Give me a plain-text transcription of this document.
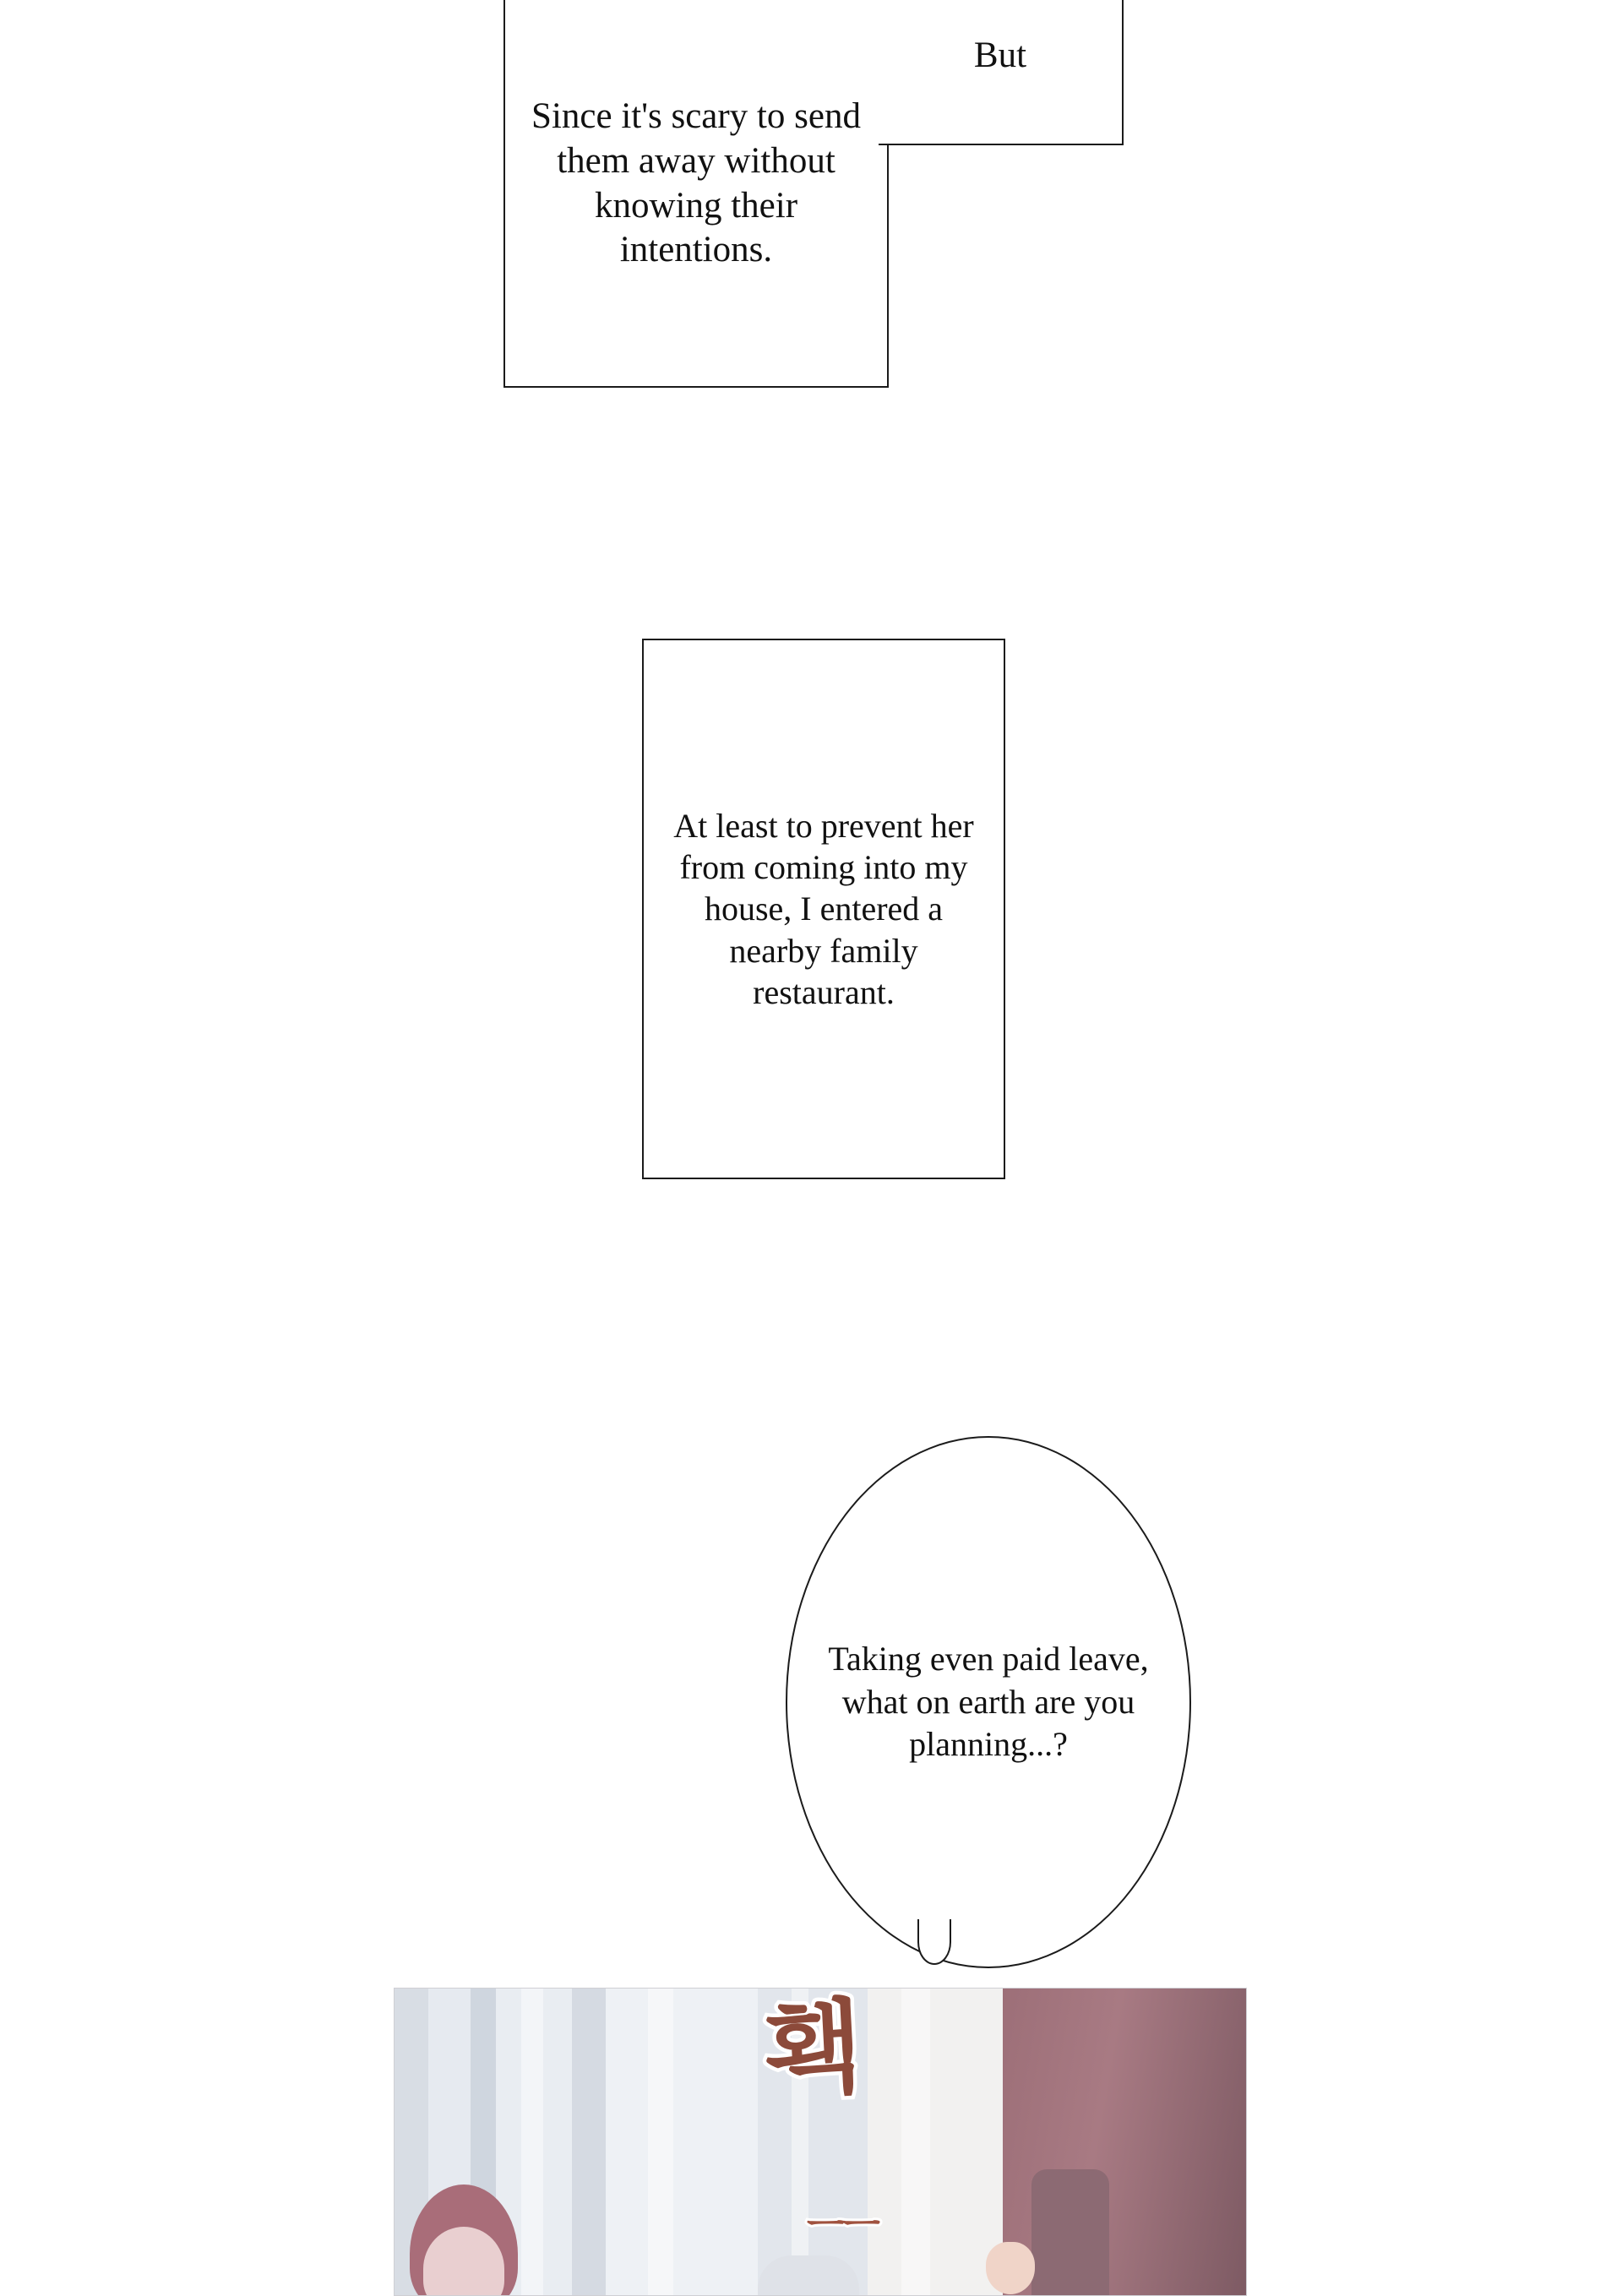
Since it's scary to send them away without knowing their intentions.
But
At least to prevent her from coming into my house, I entered a nearby family restaurant.
Taking even paid leave, what on earth are you planning...?
홱
ㅡㅡ
